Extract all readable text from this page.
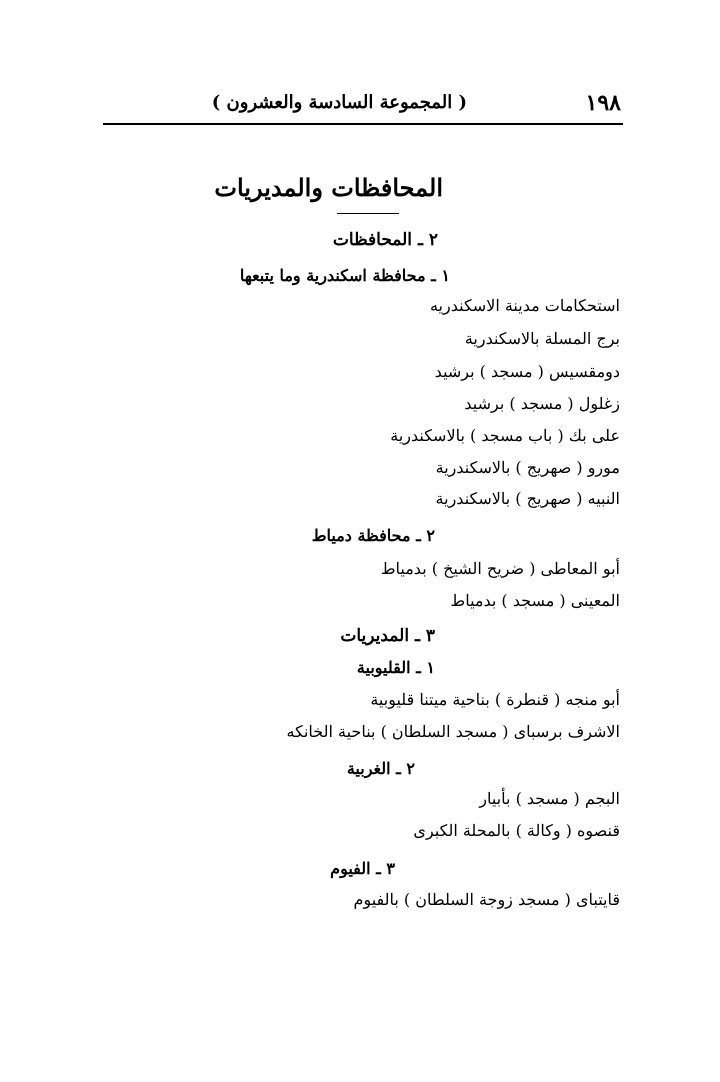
١٩٨
( المجموعة السادسة والعشرون )
المحافظات والمديريات
٢ ـ المحافظات
١ ـ محافظة اسكندرية وما يتبعها
استحكامات مدينة الاسكندريه
برج المسلة بالاسكندرية
دومقسيس ( مسجد ) برشيد
زغلول ( مسجد ) برشيد
على بك ( باب مسجد ) بالاسكندرية
مورو ( صهريج ) بالاسكندرية
النبيه ( صهريج ) بالاسكندرية
٢ ـ محافظة دمياط
أبو المعاطى ( ضريح الشيخ ) بدمياط
المعينى ( مسجد ) بدمياط
٣ ـ المديريات
١ ـ القليوبية
أبو منجه ( قنطرة ) بناحية ميتنا قليوبية
الاشرف برسباى ( مسجد السلطان ) بناحية الخانكه
٢ ـ الغربية
البجم ( مسجد ) بأبيار
قنصوه ( وكالة ) بالمحلة الكبرى
٣ ـ الفيوم
قايتباى ( مسجد زوجة السلطان ) بالفيوم
